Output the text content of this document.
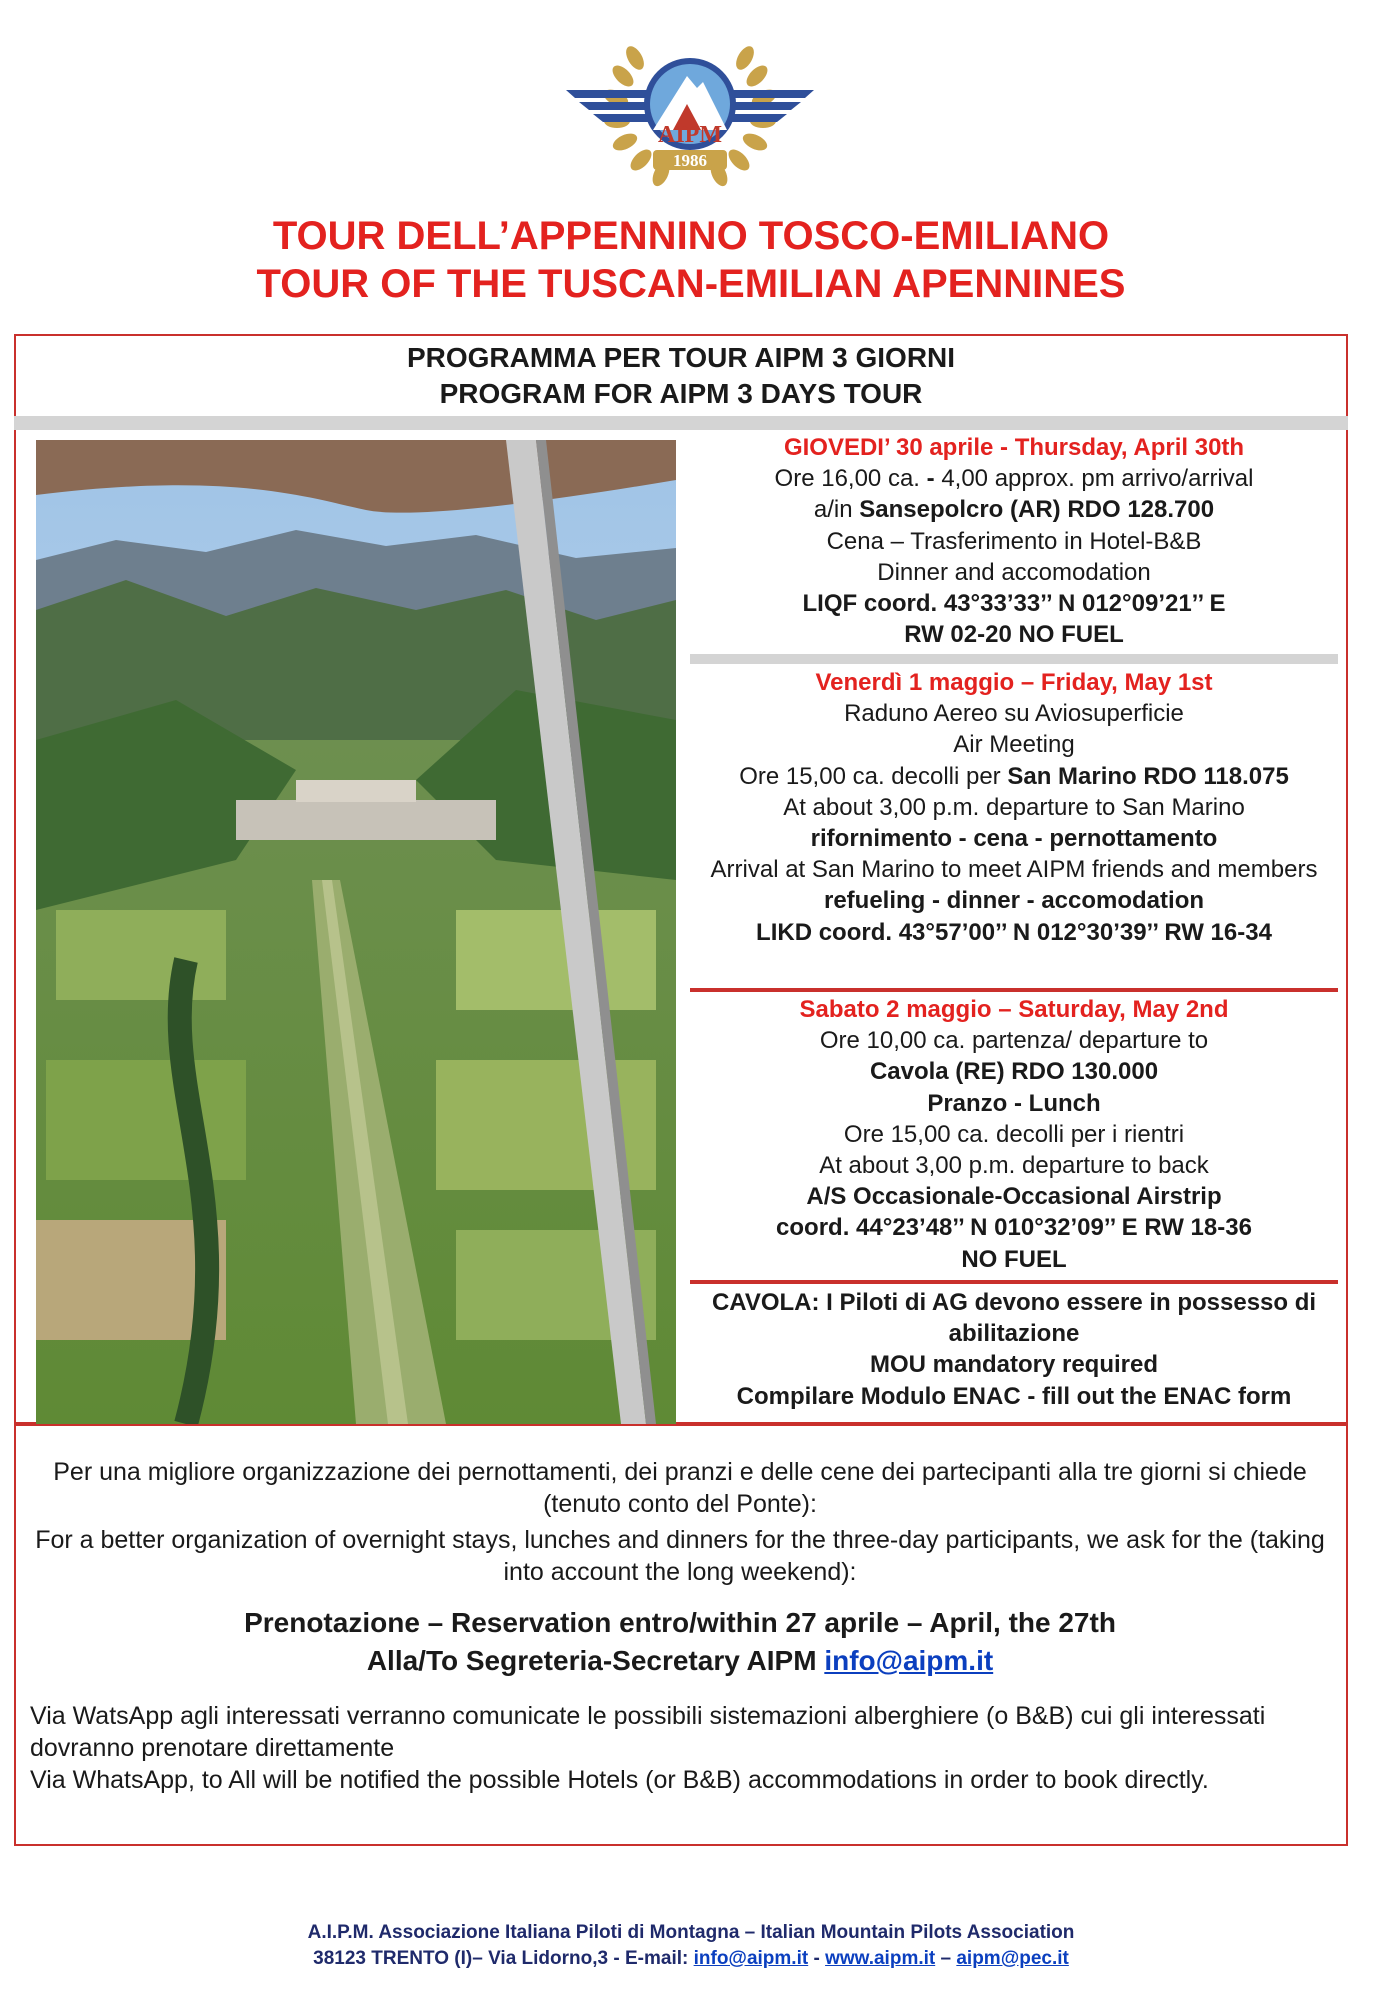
AIPM
1986
TOUR DELL’APPENNINO TOSCO-EMILIANO
TOUR OF THE TUSCAN-EMILIAN APENNINES
PROGRAMMA PER TOUR AIPM 3 GIORNI
PROGRAM FOR AIPM 3 DAYS TOUR
GIOVEDI’ 30 aprile - Thursday, April 30th
Ore 16,00 ca. - 4,00 approx. pm arrivo/arrival
a/in Sansepolcro (AR) RDO 128.700
Cena – Trasferimento in Hotel-B&B
Dinner and accomodation
LIQF coord. 43°33’33’’ N 012°09’21’’ E
RW 02-20 NO FUEL
Venerdì 1 maggio – Friday, May 1st
Raduno Aereo su Aviosuperficie
Air Meeting
Ore 15,00 ca. decolli per San Marino RDO 118.075
At about 3,00 p.m. departure to San Marino
rifornimento - cena - pernottamento
Arrival at San Marino to meet AIPM friends and members
refueling - dinner - accomodation
LIKD coord. 43°57’00’’ N 012°30’39’’ RW 16-34
Sabato 2 maggio – Saturday, May 2nd
Ore 10,00 ca. partenza/ departure to
Cavola (RE) RDO 130.000
Pranzo - Lunch
Ore 15,00 ca. decolli per i rientri
At about 3,00 p.m. departure to back
A/S Occasionale-Occasional Airstrip
coord. 44°23’48’’ N 010°32’09’’ E RW 18-36
NO FUEL
CAVOLA: I Piloti di AG devono essere in possesso di abilitazione
MOU mandatory required
Compilare Modulo ENAC - fill out the ENAC form
Per una migliore organizzazione dei pernottamenti, dei pranzi e delle cene dei partecipanti alla tre giorni si chiede (tenuto conto del Ponte):
For a better organization of overnight stays, lunches and dinners for the three-day participants, we ask for the (taking into account the long weekend):
Prenotazione – Reservation entro/within 27 aprile – April, the 27th
Alla/To Segreteria-Secretary AIPM info@aipm.it
Via WatsApp agli interessati verranno comunicate le possibili sistemazioni alberghiere (o B&B) cui gli interessati dovranno prenotare direttamente
Via WhatsApp, to All will be notified the possible Hotels (or B&B) accommodations in order to book directly.
A.I.P.M. Associazione Italiana Piloti di Montagna – Italian Mountain Pilots Association
38123 TRENTO (I)– Via Lidorno,3 - E-mail: info@aipm.it - www.aipm.it – aipm@pec.it
